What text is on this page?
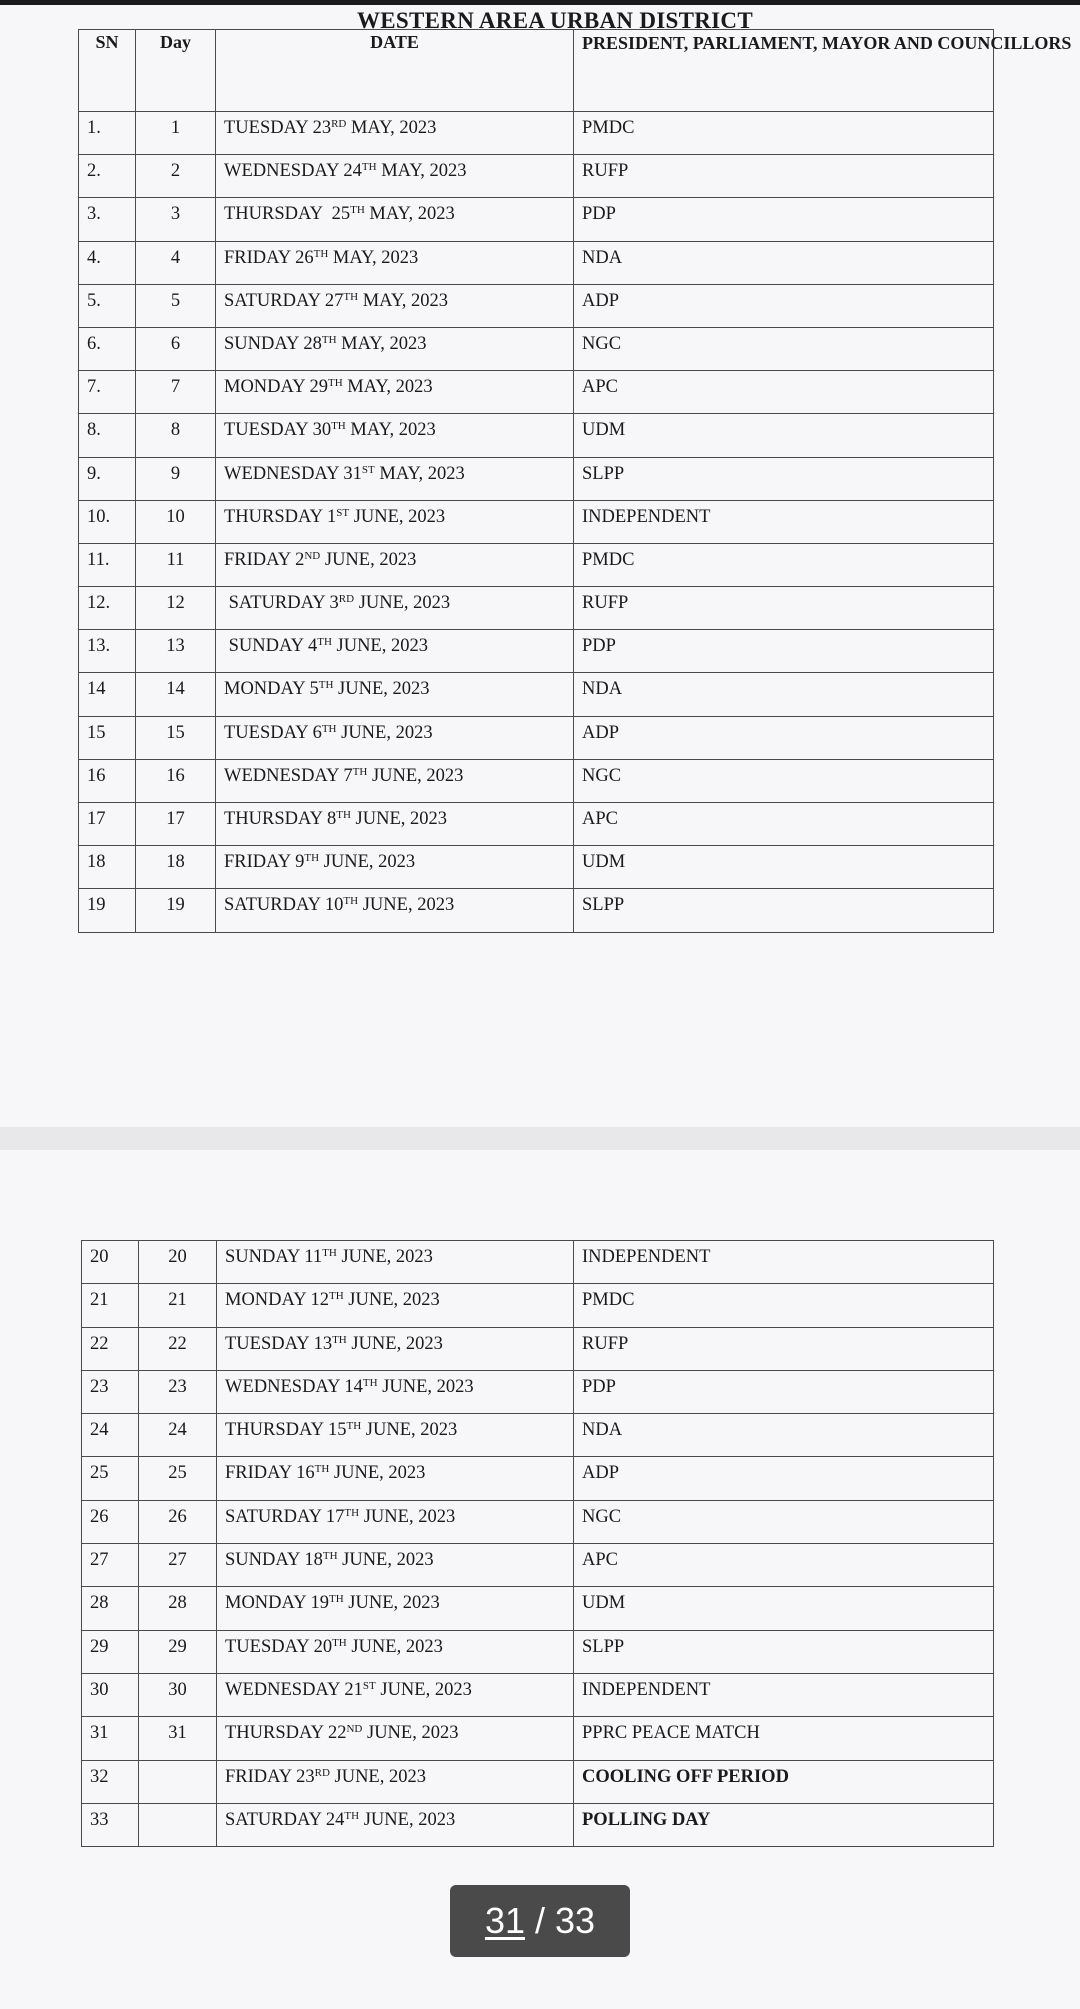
WESTERN AREA URBAN DISTRICT
SN	Day	DATE	PRESIDENT, PARLIAMENT, MAYOR AND COUNCILLORS
1.	1	TUESDAY 23RD MAY, 2023	PMDC
2.	2	WEDNESDAY 24TH MAY, 2023	RUFP
3.	3	THURSDAY  25TH MAY, 2023	PDP
4.	4	FRIDAY 26TH MAY, 2023	NDA
5.	5	SATURDAY 27TH MAY, 2023	ADP
6.	6	SUNDAY 28TH MAY, 2023	NGC
7.	7	MONDAY 29TH MAY, 2023	APC
8.	8	TUESDAY 30TH MAY, 2023	UDM
9.	9	WEDNESDAY 31ST MAY, 2023	SLPP
10.	10	THURSDAY 1ST JUNE, 2023	INDEPENDENT
11.	11	FRIDAY 2ND JUNE, 2023	PMDC
12.	12	SATURDAY 3RD JUNE, 2023	RUFP
13.	13	SUNDAY 4TH JUNE, 2023	PDP
14	14	MONDAY 5TH JUNE, 2023	NDA
15	15	TUESDAY 6TH JUNE, 2023	ADP
16	16	WEDNESDAY 7TH JUNE, 2023	NGC
17	17	THURSDAY 8TH JUNE, 2023	APC
18	18	FRIDAY 9TH JUNE, 2023	UDM
19	19	SATURDAY 10TH JUNE, 2023	SLPP
20	20	SUNDAY 11TH JUNE, 2023	INDEPENDENT
21	21	MONDAY 12TH JUNE, 2023	PMDC
22	22	TUESDAY 13TH JUNE, 2023	RUFP
23	23	WEDNESDAY 14TH JUNE, 2023	PDP
24	24	THURSDAY 15TH JUNE, 2023	NDA
25	25	FRIDAY 16TH JUNE, 2023	ADP
26	26	SATURDAY 17TH JUNE, 2023	NGC
27	27	SUNDAY 18TH JUNE, 2023	APC
28	28	MONDAY 19TH JUNE, 2023	UDM
29	29	TUESDAY 20TH JUNE, 2023	SLPP
30	30	WEDNESDAY 21ST JUNE, 2023	INDEPENDENT
31	31	THURSDAY 22ND JUNE, 2023	PPRC PEACE MATCH
32		FRIDAY 23RD JUNE, 2023	COOLING OFF PERIOD
33		SATURDAY 24TH JUNE, 2023	POLLING DAY
31 / 33
